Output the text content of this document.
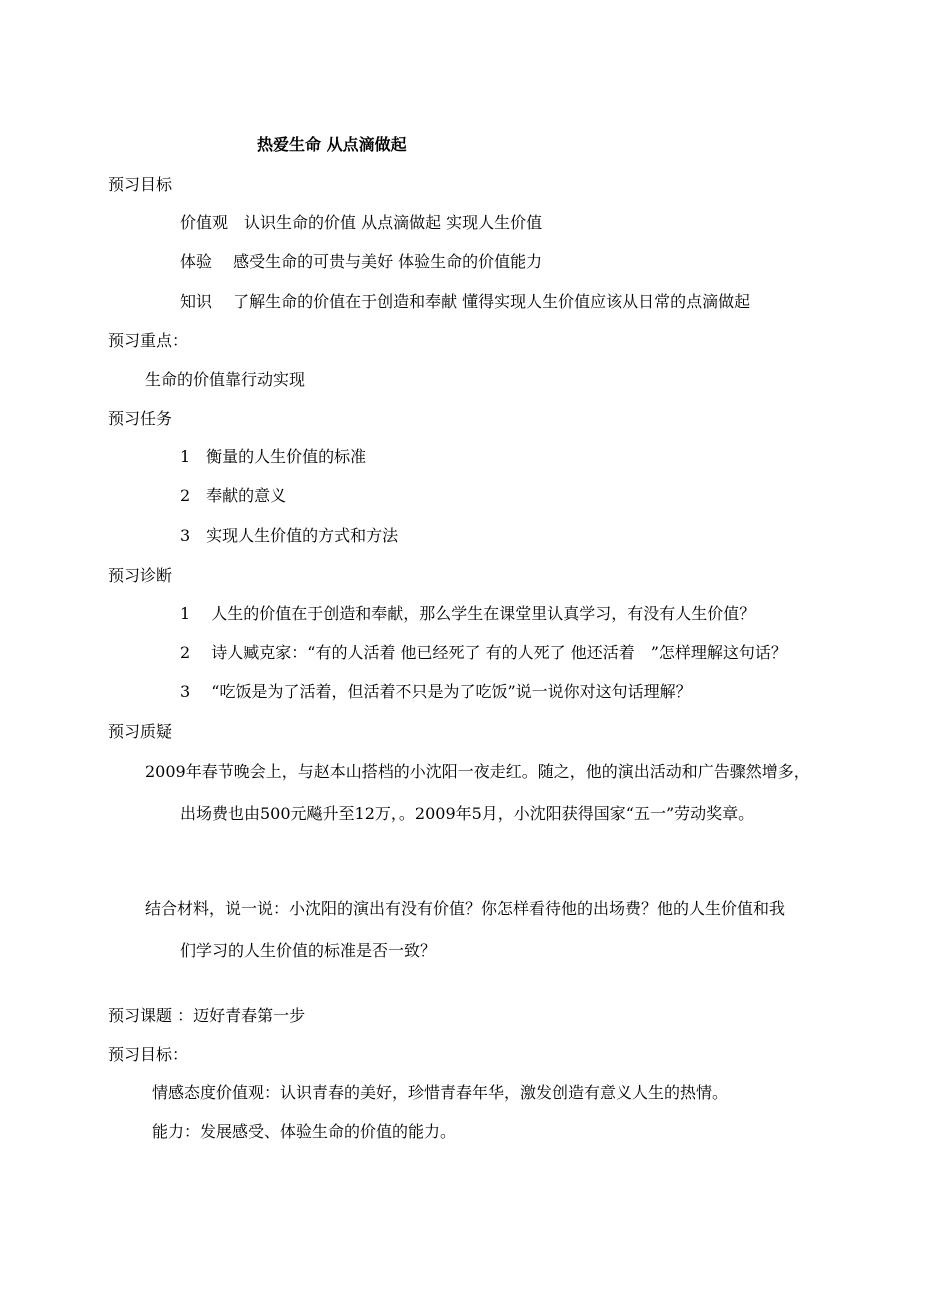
热爱生命 从点滴做起
预习目标
价值观　认识生命的价值 从点滴做起 实现人生价值
体验　 感受生命的可贵与美好 体验生命的价值能力
知识　 了解生命的价值在于创造和奉献 懂得实现人生价值应该从日常的点滴做起
预习重点：
生命的价值靠行动实现
预习任务
1　衡量的人生价值的标准
2　奉献的意义
3　实现人生价值的方式和方法
预习诊断
1　 人生的价值在于创造和奉献，那么学生在课堂里认真学习，有没有人生价值？
2　 诗人臧克家：“有的人活着 他已经死了 有的人死了 他还活着　”怎样理解这句话？
3　 “吃饭是为了活着，但活着不只是为了吃饭”说一说你对这句话理解？
预习质疑
2009年春节晚会上，与赵本山搭档的小沈阳一夜走红。随之，他的演出活动和广告骤然增多，
出场费也由500元飚升至12万，。2009年5月，小沈阳获得国家“五一”劳动奖章。
结合材料，说一说：小沈阳的演出有没有价值？你怎样看待他的出场费？他的人生价值和我
们学习的人生价值的标准是否一致？
预习课题 ：迈好青春第一步
预习目标：
情感态度价值观：认识青春的美好，珍惜青春年华，激发创造有意义人生的热情。
能力：发展感受、体验生命的价值的能力。
